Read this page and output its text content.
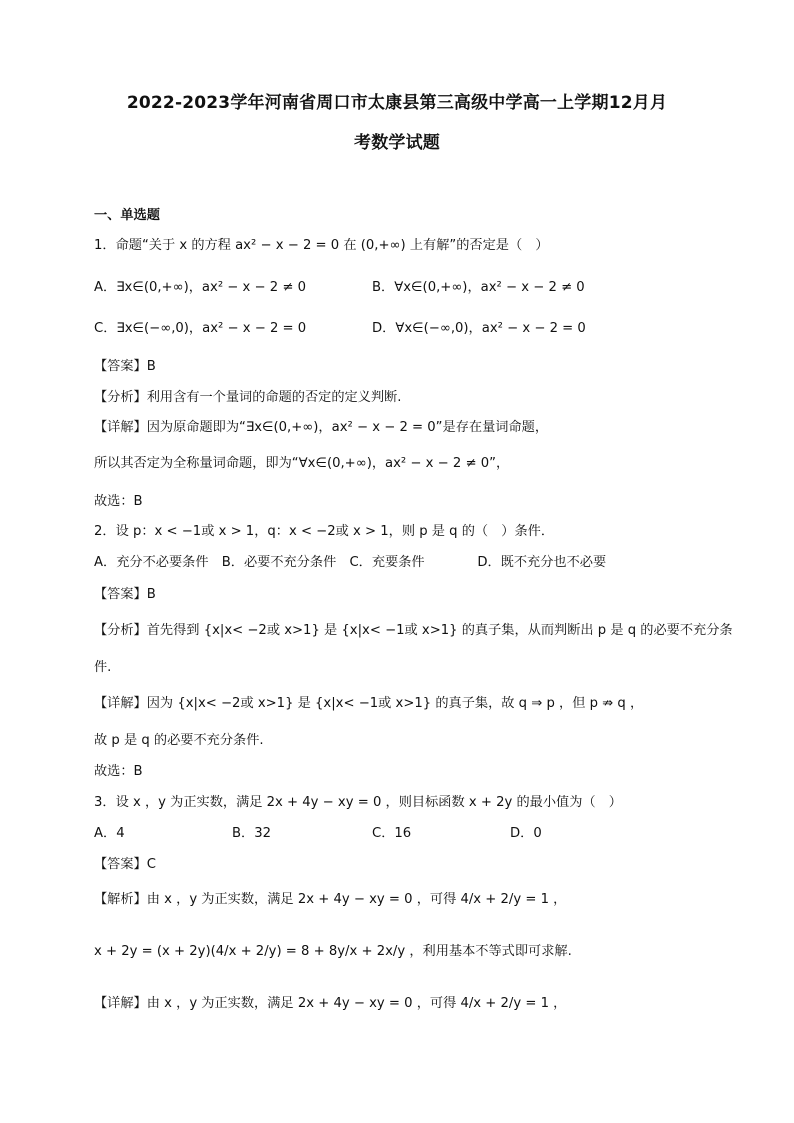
2022-2023学年河南省周口市太康县第三高级中学高一上学期12月月
考数学试题
一、单选题
1．命题“关于 x 的方程 ax² − x − 2 = 0 在 (0,+∞) 上有解”的否定是（　）
A．∃x∈(0,+∞)，ax² − x − 2 ≠ 0	B．∀x∈(0,+∞)，ax² − x − 2 ≠ 0
C．∃x∈(−∞,0)，ax² − x − 2 = 0	D．∀x∈(−∞,0)，ax² − x − 2 = 0
【答案】B
【分析】利用含有一个量词的命题的否定的定义判断.
【详解】因为原命题即为“∃x∈(0,+∞)，ax² − x − 2 = 0”是存在量词命题，
所以其否定为全称量词命题，即为“∀x∈(0,+∞)，ax² − x − 2 ≠ 0”，
故选：B
2．设 p：x < −1或 x > 1，q：x < −2或 x > 1，则 p 是 q 的（　）条件．
A．充分不必要条件　B．必要不充分条件　C．充要条件　　　　D．既不充分也不必要
【答案】B
【分析】首先得到 {x|x< −2或 x>1} 是 {x|x< −1或 x>1} 的真子集，从而判断出 p 是 q 的必要不充分条
件.
【详解】因为 {x|x< −2或 x>1} 是 {x|x< −1或 x>1} 的真子集，故 q ⇒ p ，但 p ⇏ q ，
故 p 是 q 的必要不充分条件.
故选：B
3．设 x ，y 为正实数，满足 2x + 4y − xy = 0 ，则目标函数 x + 2y 的最小值为（　）
A．4	B．32	C．16	D．0
【答案】C
【解析】由 x ，y 为正实数，满足 2x + 4y − xy = 0 ，可得 4/x + 2/y = 1 ，
x + 2y = (x + 2y)(4/x + 2/y) = 8 + 8y/x + 2x/y ，利用基本不等式即可求解.
【详解】由 x ，y 为正实数，满足 2x + 4y − xy = 0 ，可得 4/x + 2/y = 1 ，
